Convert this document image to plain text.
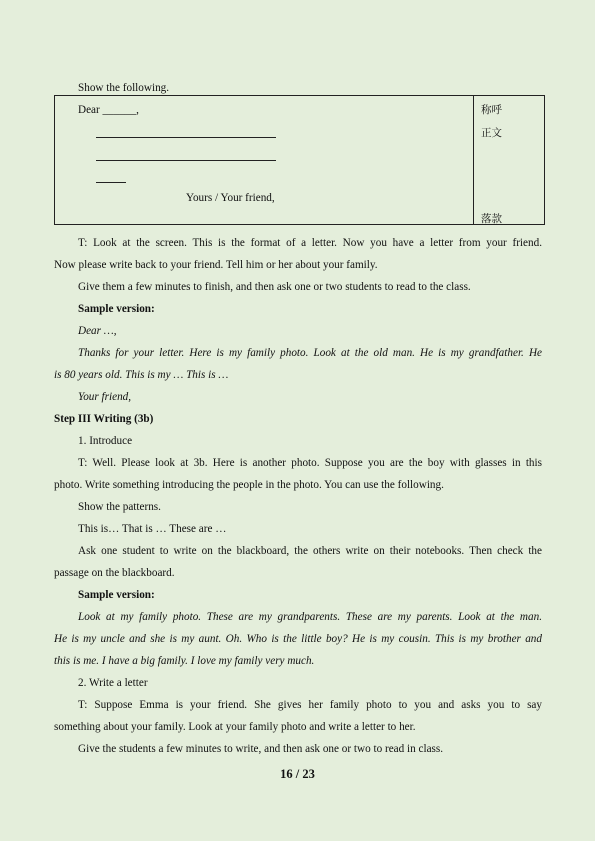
Show the following.
Dear ______,
Yours / Your friend,
称呼
正文
落款
T: Look at the screen. This is the format of a letter. Now you have a letter from your friend.
Now please write back to your friend. Tell him or her about your family.
Give them a few minutes to finish, and then ask one or two students to read to the class.
Sample version:
Dear …,
Thanks for your letter. Here is my family photo. Look at the old man. He is my grandfather. He
is 80 years old. This is my … This is …
Your friend,
Step III Writing (3b)
1. Introduce
T: Well. Please look at 3b. Here is another photo. Suppose you are the boy with glasses in this
photo. Write something introducing the people in the photo. You can use the following.
Show the patterns.
This is… That is … These are …
Ask one student to write on the blackboard, the others write on their notebooks. Then check the
passage on the blackboard.
Sample version:
Look at my family photo. These are my grandparents. These are my parents. Look at the man.
He is my uncle and she is my aunt. Oh. Who is the little boy? He is my cousin. This is my brother and
this is me. I have a big family. I love my family very much.
2. Write a letter
T: Suppose Emma is your friend. She gives her family photo to you and asks you to say
something about your family. Look at your family photo and write a letter to her.
Give the students a few minutes to write, and then ask one or two to read in class.
16 / 23
